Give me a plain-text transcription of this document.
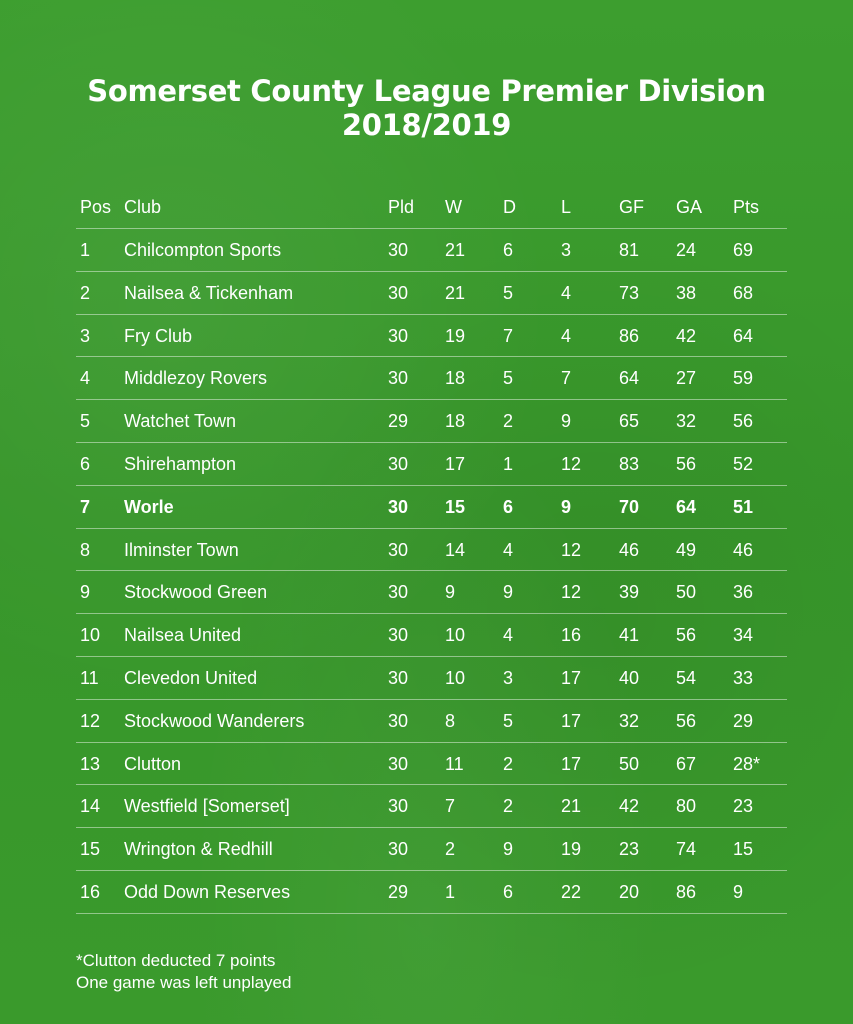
Somerset County League Premier Division
2018/2019
Pos Club	Pld W D	L	GF GA Pts
1 Chilcompton Sports	30 21 6	3	81 24 69
2 Nailsea & Tickenham	30 21 5	4	73 38 68
3 Fry Club	30 19 7	4	86 42 64
4 Middlezoy Rovers	30 18 5	7	64 27 59
5 Watchet Town	29 18 2	9	65 32 56
6 Shirehampton	30 17 1	12 83 56 52
7 Worle	30 15 6	9	70 64 51
8 Ilminster Town	30 14 4	12 46 49 46
9 Stockwood Green	30 9	9	12 39 50 36
10 Nailsea United	30 10 4	16 41 56 34
11 Clevedon United	30 10 3	17 40 54 33
12 Stockwood Wanderers	30 8	5	17 32 56 29
13 Clutton	30 11 2	17 50 67 28*
14 Westfield [Somerset]	30 7	2	21 42 80 23
15 Wrington & Redhill	30 2	9	19 23 74 15
16 Odd Down Reserves	29 1	6	22 20 86 9
*Clutton deducted 7 points
One game was left unplayed
